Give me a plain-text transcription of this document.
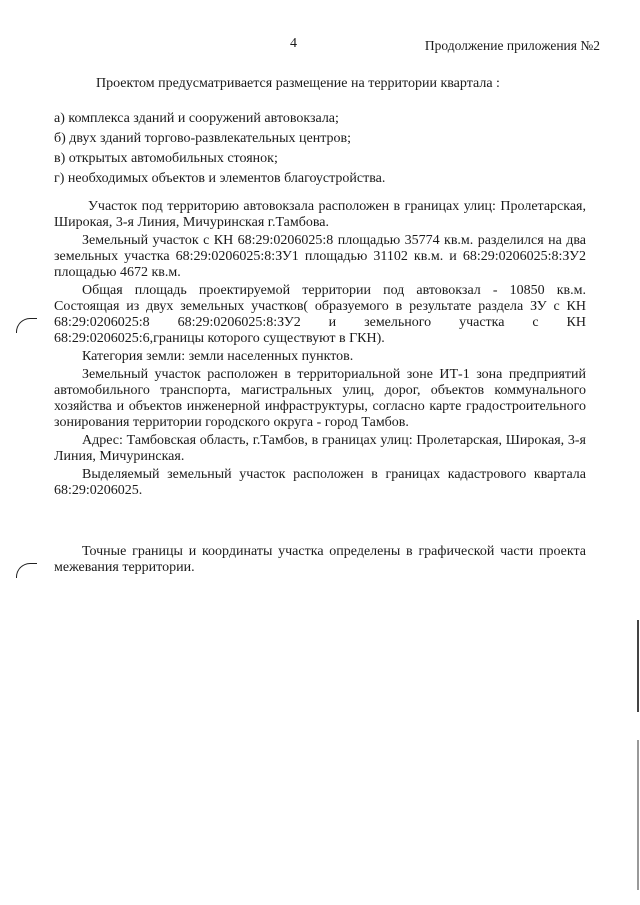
4	Продолжение приложения №2
Проектом предусматривается размещение на территории квартала :
а) комплекса зданий и сооружений автовокзала;
б) двух зданий торгово-развлекательных центров;
в) открытых автомобильных стоянок;
г) необходимых объектов и элементов благоустройства.

Участок под территорию автовокзала расположен в границах улиц: Пролетарская, Широкая, 3-я Линия, Мичуринская г.Тамбова.

Земельный участок с КН 68:29:0206025:8 площадью 35774 кв.м. разделился на два земельных участка 68:29:0206025:8:ЗУ1 площадью 31102 кв.м. и 68:29:0206025:8:ЗУ2 площадью 4672 кв.м.

Общая площадь проектируемой территории под автовокзал - 10850 кв.м. Состоящая из двух земельных участков( образуемого в результате раздела ЗУ с КН 68:29:0206025:8 68:29:0206025:8:ЗУ2 и земельного участка с КН 68:29:0206025:6,границы которого существуют в ГКН).

Категория земли: земли населенных пунктов.

Земельный участок расположен в территориальной зоне ИТ-1 зона предприятий автомобильного транспорта, магистральных улиц, дорог, объектов коммунального хозяйства и объектов инженерной инфраструктуры, согласно карте градостроительного зонирования территории городского округа - город Тамбов.

Адрес: Тамбовская область, г.Тамбов, в границах улиц: Пролетарская, Широкая, 3-я Линия, Мичуринская.

Выделяемый земельный участок расположен в границах кадастрового квартала 68:29:0206025.

Точные границы и координаты участка определены в графической части проекта межевания территории.
